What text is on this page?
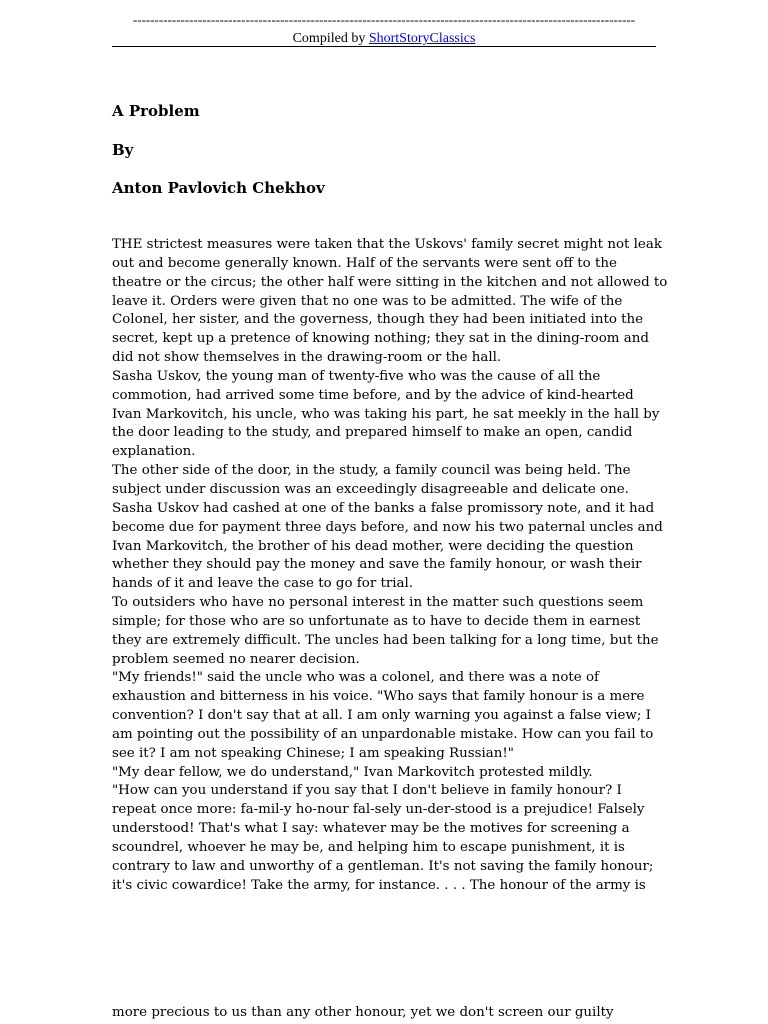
--------------------------------------------------------------------------------------------------------------------
Compiled by ShortStoryClassics
A Problem
By
Anton Pavlovich Chekhov

THE strictest measures were taken that the Uskovs' family secret might not leak
out and become generally known. Half of the servants were sent off to the
theatre or the circus; the other half were sitting in the kitchen and not allowed to
leave it. Orders were given that no one was to be admitted. The wife of the
Colonel, her sister, and the governess, though they had been initiated into the
secret, kept up a pretence of knowing nothing; they sat in the dining-room and
did not show themselves in the drawing-room or the hall.

Sasha Uskov, the young man of twenty-five who was the cause of all the
commotion, had arrived some time before, and by the advice of kind-hearted
Ivan Markovitch, his uncle, who was taking his part, he sat meekly in the hall by
the door leading to the study, and prepared himself to make an open, candid
explanation.

The other side of the door, in the study, a family council was being held. The
subject under discussion was an exceedingly disagreeable and delicate one.
Sasha Uskov had cashed at one of the banks a false promissory note, and it had
become due for payment three days before, and now his two paternal uncles and
Ivan Markovitch, the brother of his dead mother, were deciding the question
whether they should pay the money and save the family honour, or wash their
hands of it and leave the case to go for trial.

To outsiders who have no personal interest in the matter such questions seem
simple; for those who are so unfortunate as to have to decide them in earnest
they are extremely difficult. The uncles had been talking for a long time, but the
problem seemed no nearer decision.

"My friends!" said the uncle who was a colonel, and there was a note of
exhaustion and bitterness in his voice. "Who says that family honour is a mere
convention? I don't say that at all. I am only warning you against a false view; I
am pointing out the possibility of an unpardonable mistake. How can you fail to
see it? I am not speaking Chinese; I am speaking Russian!"

"My dear fellow, we do understand," Ivan Markovitch protested mildly.

"How can you understand if you say that I don't believe in family honour? I
repeat once more: fa-mil-y ho-nour fal-sely un-der-stood is a prejudice! Falsely
understood! That's what I say: whatever may be the motives for screening a
scoundrel, whoever he may be, and helping him to escape punishment, it is
contrary to law and unworthy of a gentleman. It's not saving the family honour;
it's civic cowardice! Take the army, for instance. . . . The honour of the army is

more precious to us than any other honour, yet we don't screen our guilty
